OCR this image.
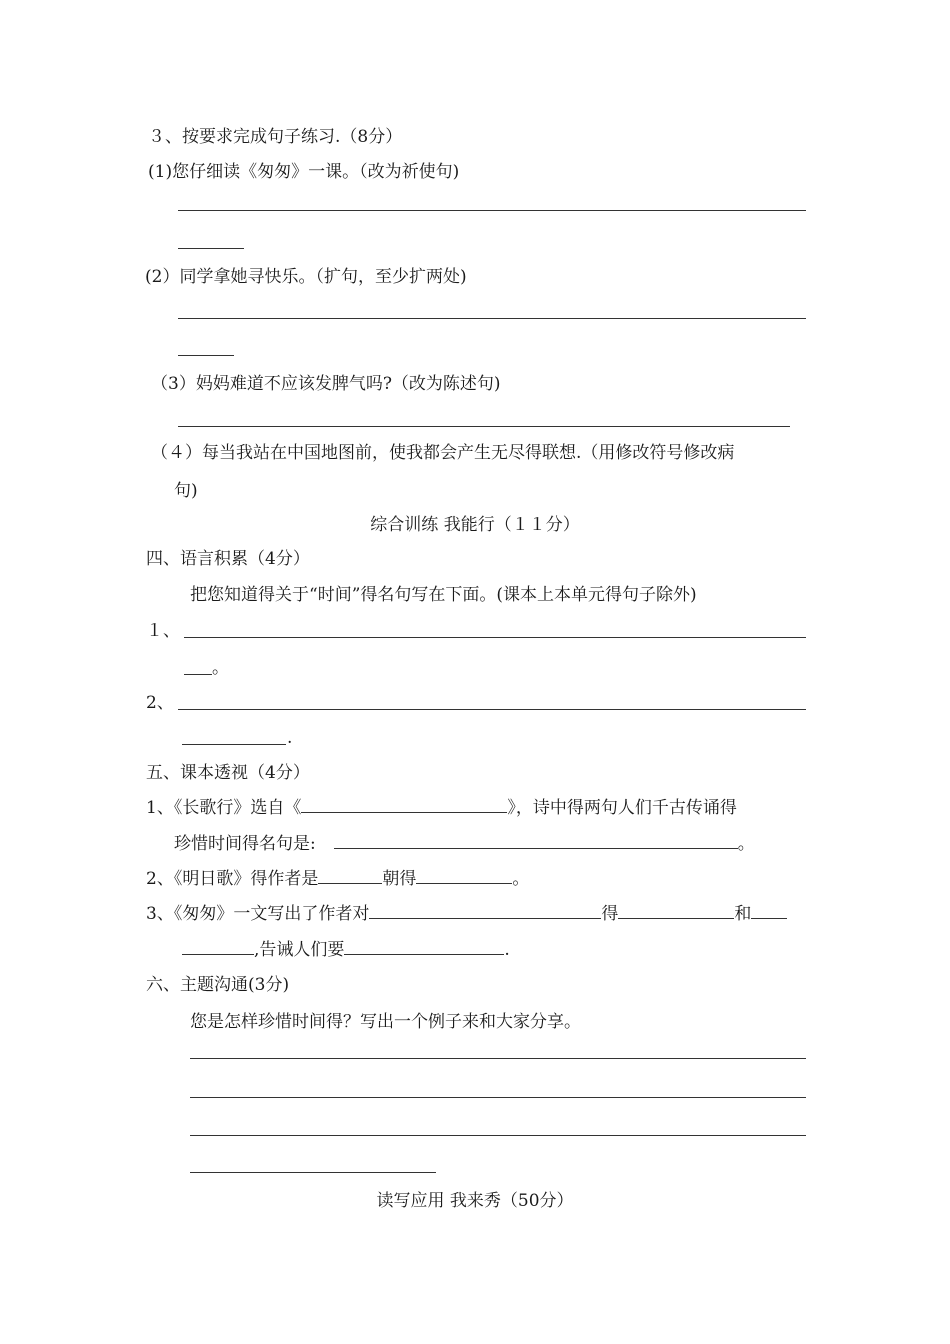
３、按要求完成句子练习.（8分）
(1)您仔细读《匆匆》一课。（改为祈使句)
(2）同学拿她寻快乐。（扩句，至少扩两处)
（3）妈妈难道不应该发脾气吗?（改为陈述句)
（４）每当我站在中国地图前，使我都会产生无尽得联想.（用修改符号修改病
句)
综合训练 我能行（１１分）
四、语言积累（4分）
把您知道得关于“时间”得名句写在下面。(课本上本单元得句子除外)
１、
。
2、
.
五、课本透视（4分）
1、《长歌行》选自《	》，诗中得两句人们千古传诵得
珍惜时间得名句是:	。
2、《明日歌》得作者是	朝得	。
3、《匆匆》一文写出了作者对	得	和
,告诫人们要	.
六、主题沟通(3分)
您是怎样珍惜时间得？写出一个例子来和大家分享。
读写应用 我来秀（50分）
